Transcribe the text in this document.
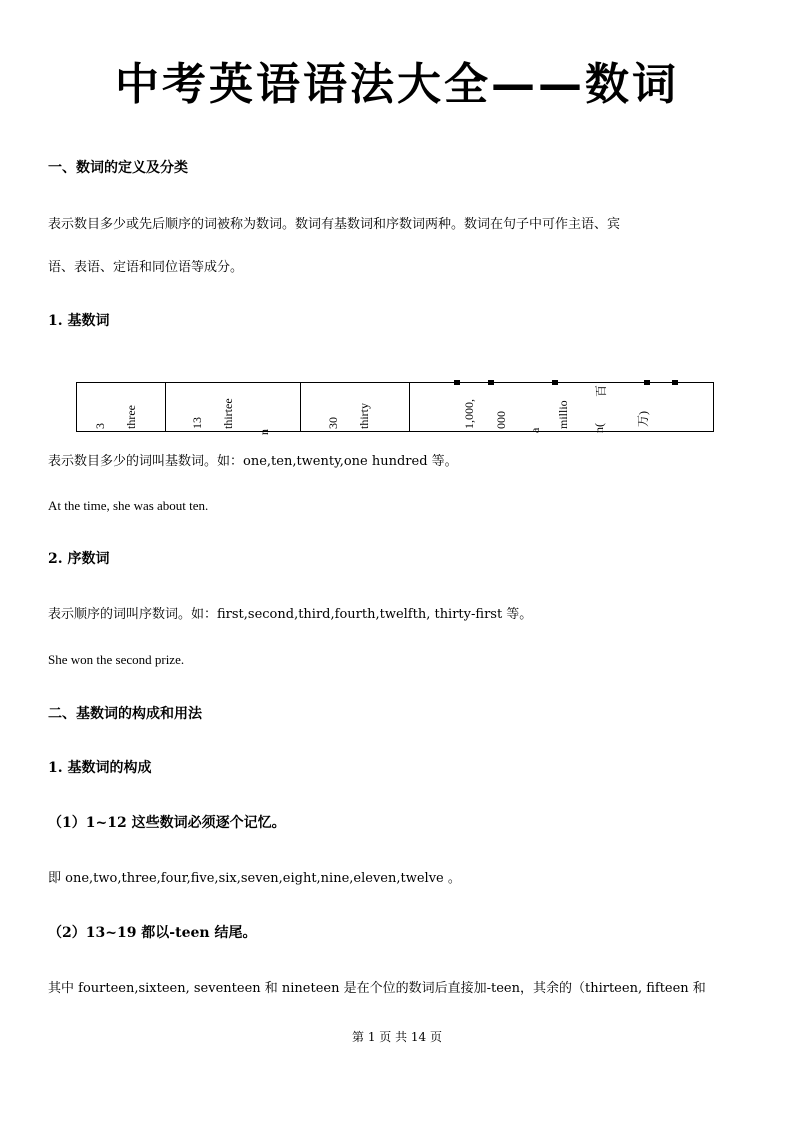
中考英语语法大全——数词
一、数词的定义及分类
表示数目多少或先后顺序的词被称为数词。数词有基数词和序数词两种。数词在句子中可作主语、宾
语、表语、定语和同位语等成分。
1. 基数词
3 three	13 thirtee
n
30 thirty	1,000, 000
a
millio n(
百
万)
表示数目多少的词叫基数词。如：one,ten,twenty,one hundred 等。
At the time, she was about ten.
2. 序数词
表示顺序的词叫序数词。如：first,second,third,fourth,twelfth, thirty-first 等。
She won the second prize.
二、基数词的构成和用法
1. 基数词的构成
（1）1~12 这些数词必须逐个记忆。
即 one,two,three,four,five,six,seven,eight,nine,eleven,twelve 。
（2）13~19 都以-teen 结尾。
其中 fourteen,sixteen, seventeen 和 nineteen 是在个位的数词后直接加-teen，其余的（thirteen, fifteen 和
第 1 页 共 14 页
